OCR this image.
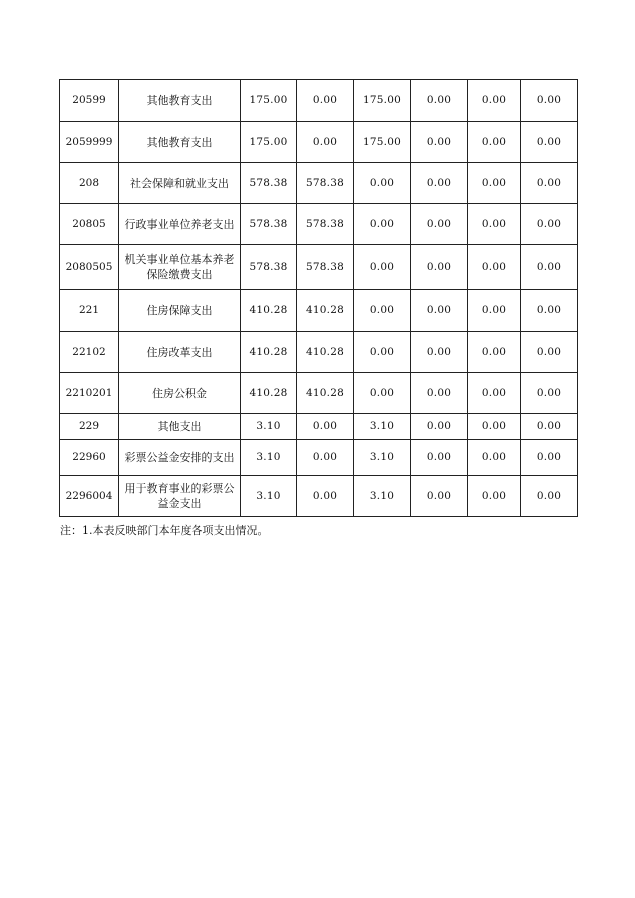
20599	其他教育支出	175.00	0.00	175.00	0.00	0.00	0.00
2059999	其他教育支出	175.00	0.00	175.00	0.00	0.00	0.00
208	社会保障和就业支出	578.38	578.38	0.00	0.00	0.00	0.00
20805	行政事业单位养老支出	578.38	578.38	0.00	0.00	0.00	0.00
2080505	机关事业单位基本养老保险缴费支出	578.38	578.38	0.00	0.00	0.00	0.00
221	住房保障支出	410.28	410.28	0.00	0.00	0.00	0.00
22102	住房改革支出	410.28	410.28	0.00	0.00	0.00	0.00
2210201	住房公积金	410.28	410.28	0.00	0.00	0.00	0.00
229	其他支出	3.10	0.00	3.10	0.00	0.00	0.00
22960	彩票公益金安排的支出	3.10	0.00	3.10	0.00	0.00	0.00
2296004	用于教育事业的彩票公益金支出	3.10	0.00	3.10	0.00	0.00	0.00
注：1.本表反映部门本年度各项支出情况。
